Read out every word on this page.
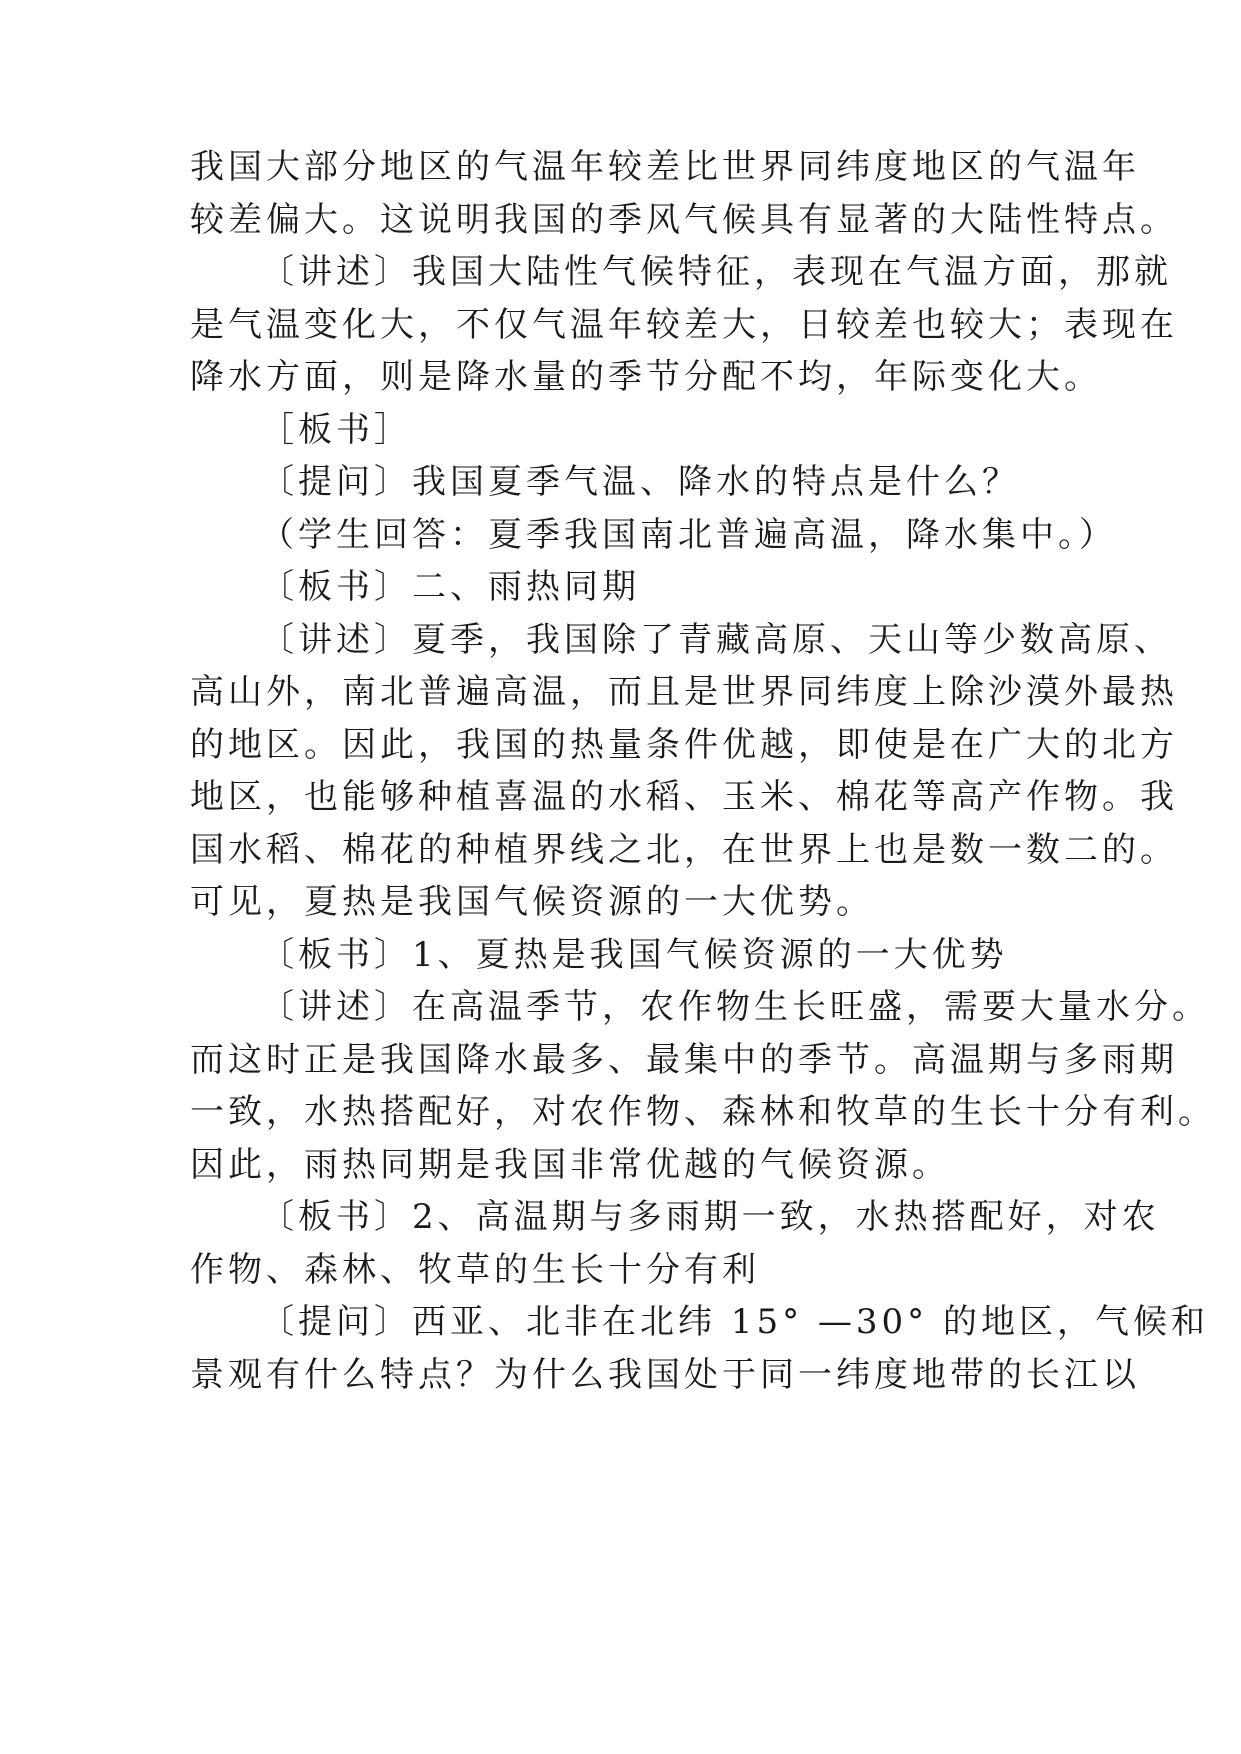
我国大部分地区的气温年较差比世界同纬度地区的气温年
较差偏大。这说明我国的季风气候具有显著的大陆性特点。
〔讲述〕我国大陆性气候特征，表现在气温方面，那就
是气温变化大，不仅气温年较差大，日较差也较大；表现在
降水方面，则是降水量的季节分配不均，年际变化大。
［板书］
〔提问〕我国夏季气温、降水的特点是什么？
（学生回答：夏季我国南北普遍高温，降水集中。）
〔板书〕二、雨热同期
〔讲述〕夏季，我国除了青藏高原、天山等少数高原、
高山外，南北普遍高温，而且是世界同纬度上除沙漠外最热
的地区。因此，我国的热量条件优越，即使是在广大的北方
地区，也能够种植喜温的水稻、玉米、棉花等高产作物。我
国水稻、棉花的种植界线之北，在世界上也是数一数二的。
可见，夏热是我国气候资源的一大优势。
〔板书〕1、夏热是我国气候资源的一大优势
〔讲述〕在高温季节，农作物生长旺盛，需要大量水分。
而这时正是我国降水最多、最集中的季节。高温期与多雨期
一致，水热搭配好，对农作物、森林和牧草的生长十分有利。
因此，雨热同期是我国非常优越的气候资源。
〔板书〕2、高温期与多雨期一致，水热搭配好，对农
作物、森林、牧草的生长十分有利
〔提问〕西亚、北非在北纬 15° —30° 的地区，气候和
景观有什么特点？为什么我国处于同一纬度地带的长江以
